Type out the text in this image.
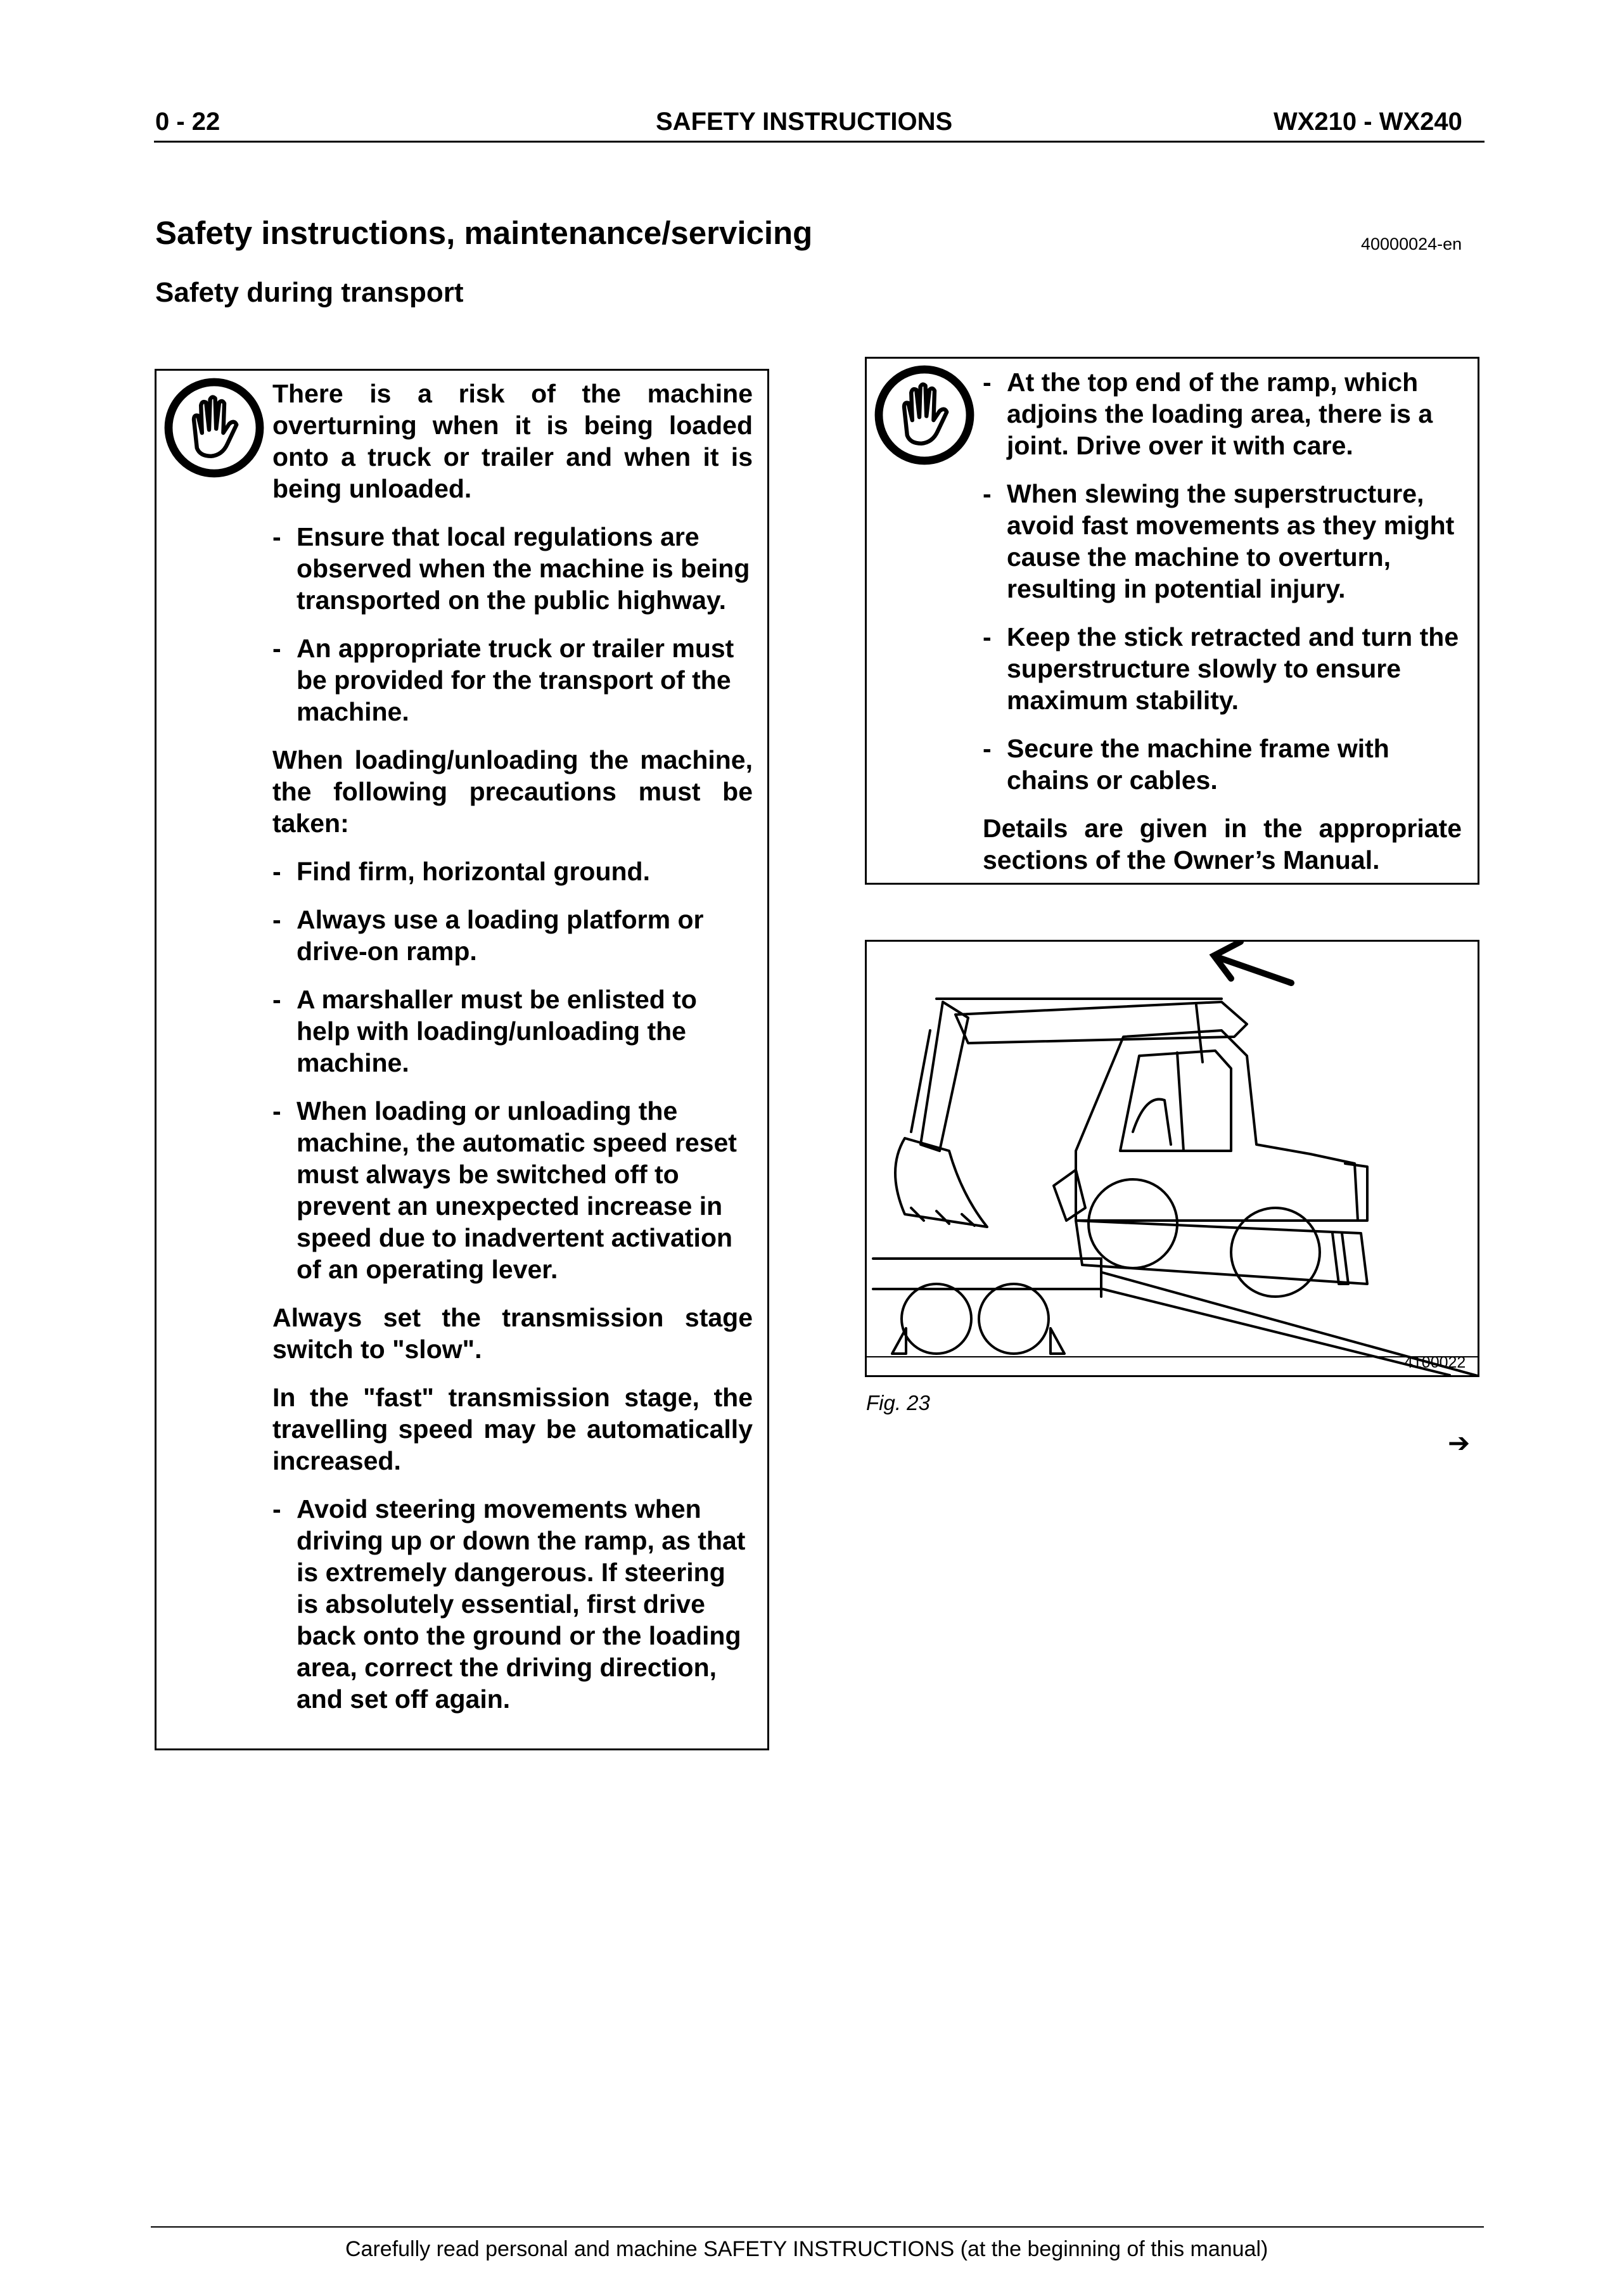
0 - 22	SAFETY INSTRUCTIONS	WX210 - WX240
Safety instructions, maintenance/servicing	40000024-en
Safety during transport

There is a risk of the machine overturning when it is being loaded onto a truck or trailer and when it is being unloaded.

- Ensure that local regulations are observed when the machine is being transported on the public highway.
- An appropriate truck or trailer must be provided for the transport of the machine.

When loading/unloading the machine, the following precautions must be taken:

- Find firm, horizontal ground.
- Always use a loading platform or drive-on ramp.
- A marshaller must be enlisted to help with loading/unloading the machine.
- When loading or unloading the machine, the automatic speed reset must always be switched off to prevent an unexpected increase in speed due to inadvertent activation of an operating lever.

Always set the transmission stage switch to "slow".

In the "fast" transmission stage, the travelling speed may be automatically increased.

- Avoid steering movements when driving up or down the ramp, as that is extremely dangerous. If steering is absolutely essential, first drive back onto the ground or the loading area, correct the driving direction, and set off again.
- At the top end of the ramp, which adjoins the loading area, there is a joint. Drive over it with care.
- When slewing the superstructure, avoid fast movements as they might cause the machine to overturn, resulting in potential injury.
- Keep the stick retracted and turn the superstructure slowly to ensure maximum stability.
- Secure the machine frame with chains or cables.

Details are given in the appropriate sections of the Owner’s Manual.

4100022
Fig. 23
➔
Carefully read personal and machine SAFETY INSTRUCTIONS (at the beginning of this manual)
